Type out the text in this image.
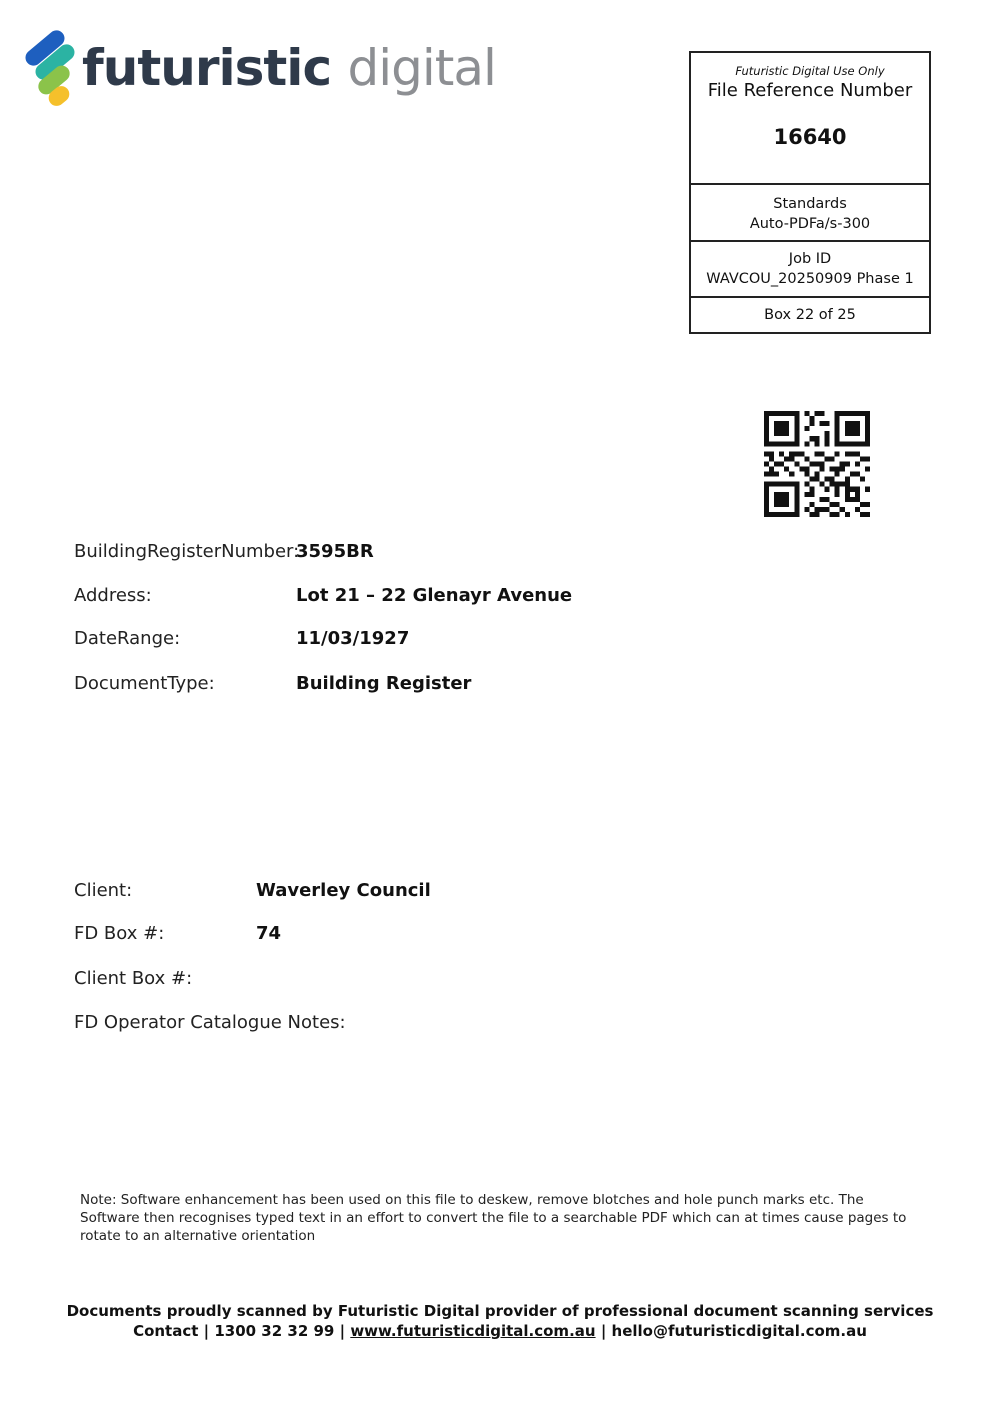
futuristic digital	Futuristic Digital Use Only
File Reference Number
16640
Standards
Auto-PDFa/s-300
Job ID
WAVCOU_20250909 Phase 1
Box 22 of 25
BuildingRegisterNumber:
3595BR
Address:	Lot 21 – 22 Glenayr Avenue
DateRange:	11/03/1927
DocumentType:	Building Register
Client:	Waverley Council
FD Box #:	74
Client Box #:
FD Operator Catalogue Notes:
Note: Software enhancement has been used on this file to deskew, remove blotches and hole punch marks etc. The Software then recognises typed text in an effort to convert the file to a searchable PDF which can at times cause pages to rotate to an alternative orientation
Documents proudly scanned by Futuristic Digital provider of professional document scanning services
Contact | 1300 32 32 99 | www.futuristicdigital.com.au | hello@futuristicdigital.com.au
